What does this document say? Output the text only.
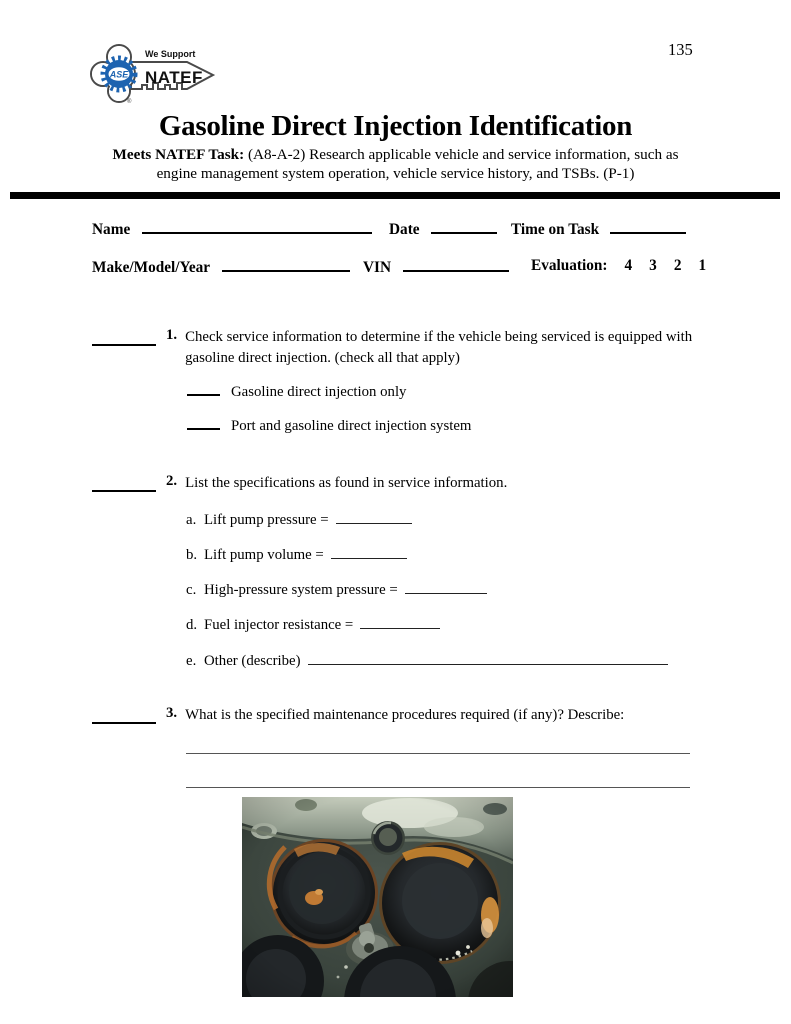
ASE
®
We Support
NATEF
135
Gasoline Direct Injection Identification
Meets NATEF Task: (A8-A-2) Research applicable vehicle and service information, such as
engine management system operation, vehicle service history, and TSBs. (P-1)
Name	Date	Time on Task
Make/Model/Year	VIN	Evaluation: 4 3 2 1
1. Check service information to determine if the vehicle being serviced is equipped with gasoline direct injection. (check all that apply)
Gasoline direct injection only
Port and gasoline direct injection system
2. List the specifications as found in service information.
a. Lift pump pressure =
b. Lift pump volume =
c. High-pressure system pressure =
d. Fuel injector resistance =
e. Other (describe)
3. What is the specified maintenance procedures required (if any)? Describe:
